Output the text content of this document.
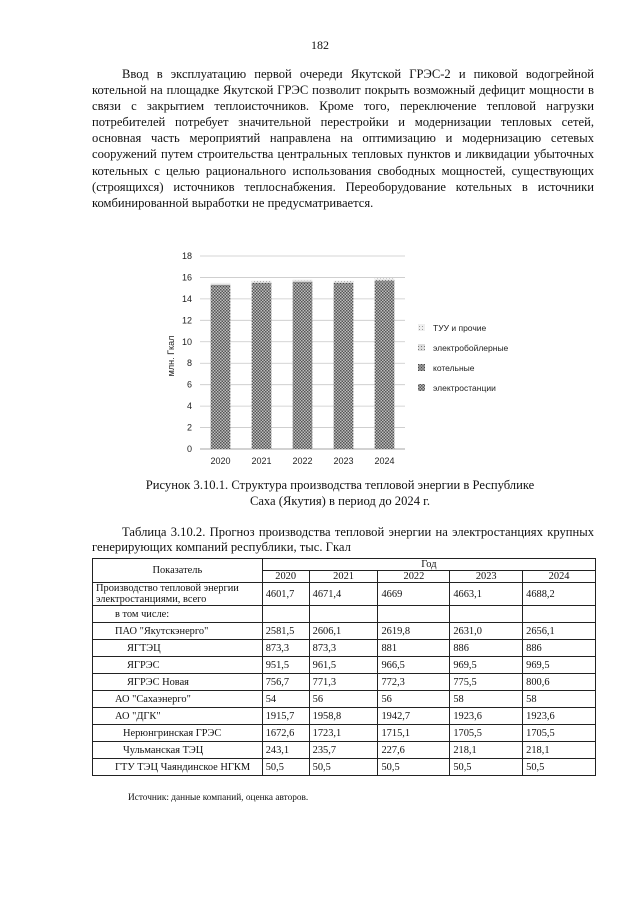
182
Ввод в эксплуатацию первой очереди Якутской ГРЭС-2 и пиковой водогрейной котельной на площадке Якутской ГРЭС позволит покрыть возможный дефицит мощности в связи с закрытием теплоисточников. Кроме того, переключение тепловой нагрузки потребителей потребует значительной перестройки и модернизации тепловых сетей, основная часть мероприятий направлена на оптимизацию и модернизацию сетевых сооружений путем строительства центральных тепловых пунктов и ликвидации убыточных котельных с целью рационального использования свободных мощностей, существующих (строящихся) источников теплоснабжения. Переоборудование котельных в источники комбинированной выработки не предусматривается.
млн. Гкал
0
2
4
6
8
10
12
14
16
18
2020 2021 2022 2023 2024
ТУУ и прочие
электробойлерные
котельные
электростанции
Рисунок 3.10.1. Структура производства тепловой энергии в Республике
Саха (Якутия) в период до 2024 г.
Таблица 3.10.2. Прогноз производства тепловой энергии на электростанциях крупных генерирующих компаний республики, тыс. Гкал
Показатель	Год				
	2020	2021	2022	2023	2024
Производство тепловой энергии электростанциями, всего	4601,7	4671,4	4669	4663,1	4688,2
в том числе:					
ПАО "Якутскэнерго"	2581,5	2606,1	2619,8	2631,0	2656,1
ЯГТЭЦ	873,3	873,3	881	886	886
ЯГРЭС	951,5	961,5	966,5	969,5	969,5
ЯГРЭС Новая	756,7	771,3	772,3	775,5	800,6
АО "Сахаэнерго"	54	56	56	58	58
АО "ДГК"	1915,7	1958,8	1942,7	1923,6	1923,6
Нерюнгринская ГРЭС	1672,6	1723,1	1715,1	1705,5	1705,5
Чульманская ТЭЦ	243,1	235,7	227,6	218,1	218,1
ГТУ ТЭЦ Чаяндинское НГКМ	50,5	50,5	50,5	50,5	50,5
Источник: данные компаний, оценка авторов.
